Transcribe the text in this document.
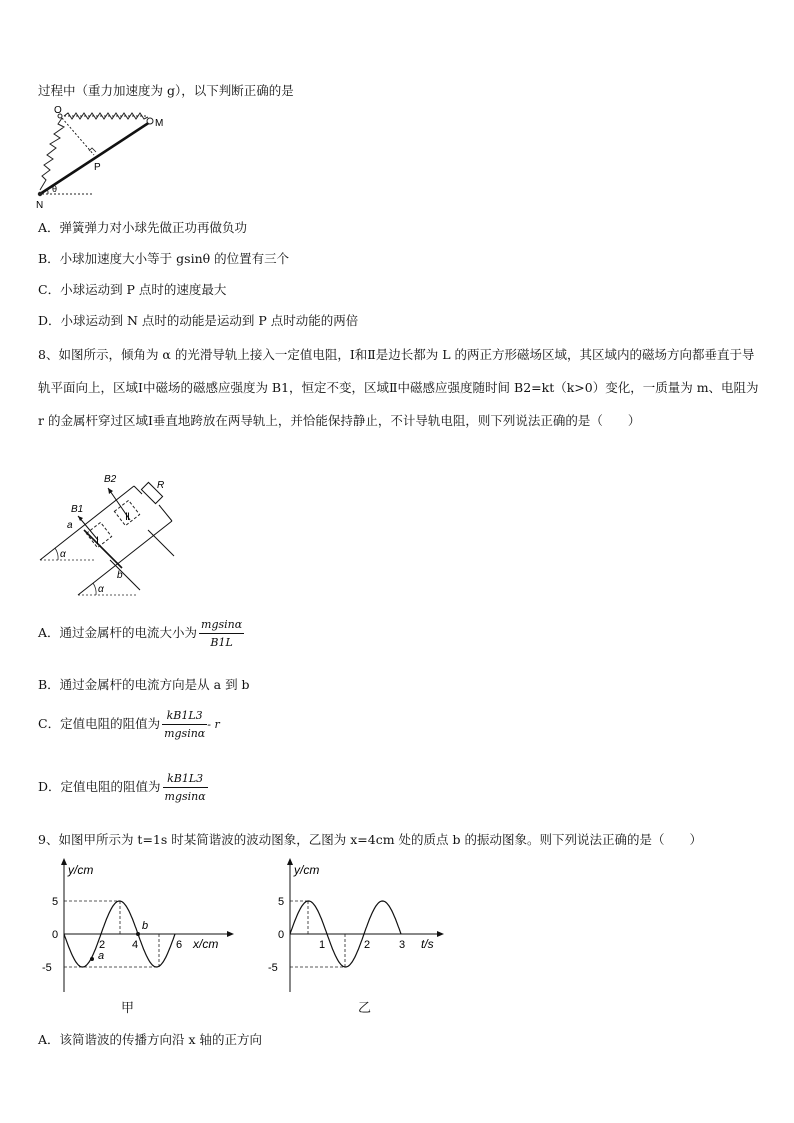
过程中（重力加速度为 g），以下判断正确的是
O
M
P
N
θ
A．弹簧弹力对小球先做正功再做负功
B．小球加速度大小等于 gsinθ 的位置有三个
C．小球运动到 P 点时的速度最大
D．小球运动到 N 点时的动能是运动到 P 点时动能的两倍
8、如图所示，倾角为 α 的光滑导轨上接入一定值电阻，Ⅰ和Ⅱ是边长都为 L 的两正方形磁场区域，其区域内的磁场方向都垂直于导轨平面向上，区域Ⅰ中磁场的磁感应强度为 B1，恒定不变，区域Ⅱ中磁感应强度随时间 B2=kt（k>0）变化，一质量为 m、电阻为 r 的金属杆穿过区域Ⅰ垂直地跨放在两导轨上，并恰能保持静止，不计导轨电阻，则下列说法正确的是（　　）
B2
R
B1
a
Ⅰ
Ⅱ
b
α
α
A．通过金属杆的电流大小为 $\frac{mgsin\alpha}{B1L}$
B．通过金属杆的电流方向是从 a 到 b
C．定值电阻的阻值为 $\frac{kB1L3}{mgsin\alpha}$ - r
D．定值电阻的阻值为 $\frac{kB1L3}{mgsin\alpha}$
9、如图甲所示为 t=1s 时某简谐波的波动图象，乙图为 x=4cm 处的质点 b 的振动图象。则下列说法正确的是（　　）
y/cm
5
0
-5
2 4	6 x/cm
a
b
甲
y/cm
5
0
-5
1	2	3 t/s
乙
A．该简谐波的传播方向沿 x 轴的正方向
